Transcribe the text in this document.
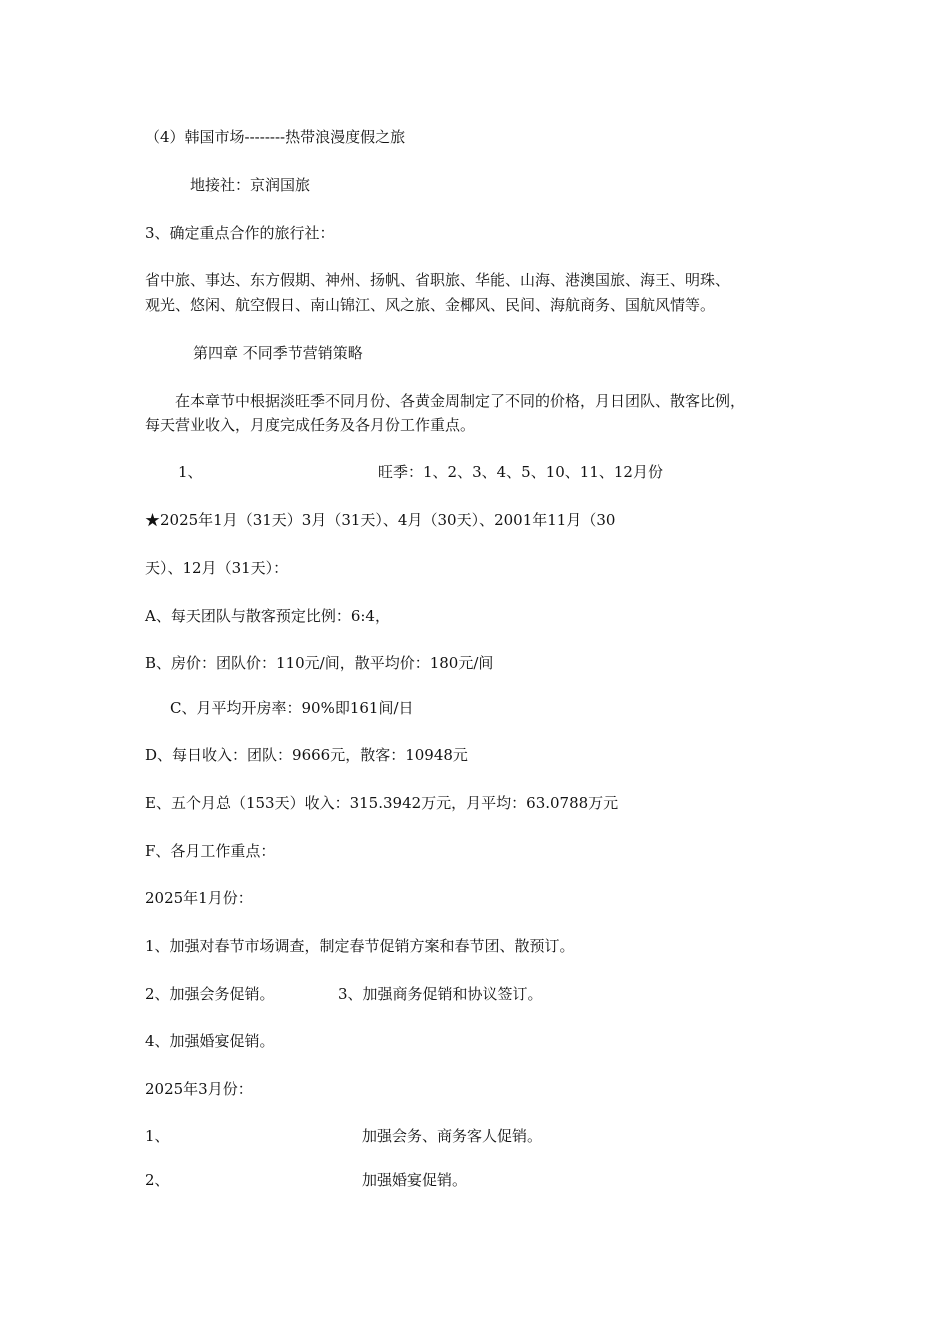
（4）韩国市场--------热带浪漫度假之旅

地接社：京润国旅

3、确定重点合作的旅行社：

省中旅、事达、东方假期、神州、扬帆、省职旅、华能、山海、港澳国旅、海王、明珠、

观光、悠闲、航空假日、南山锦江、风之旅、金椰风、民间、海航商务、国航风情等。

第四章 不同季节营销策略

在本章节中根据淡旺季不同月份、各黄金周制定了不同的价格，月日团队、散客比例，

每天营业收入，月度完成任务及各月份工作重点。

1、	旺季：1、2、3、4、5、10、11、12月份

★2025年1月（31天）3月（31天）、4月（30天）、2001年11月（30

天）、12月（31天）：

A、每天团队与散客预定比例：6:4，

B、房价：团队价：110元/间，散平均价：180元/间

C、月平均开房率：90%即161间/日

D、每日收入：团队：9666元，散客：10948元

E、五个月总（153天）收入：315.3942万元，月平均：63.0788万元

F、各月工作重点：

2025年1月份：

1、加强对春节市场调查，制定春节促销方案和春节团、散预订。

2、加强会务促销。	3、加强商务促销和协议签订。

4、加强婚宴促销。

2025年3月份：

1、	加强会务、商务客人促销。
2、	加强婚宴促销。
